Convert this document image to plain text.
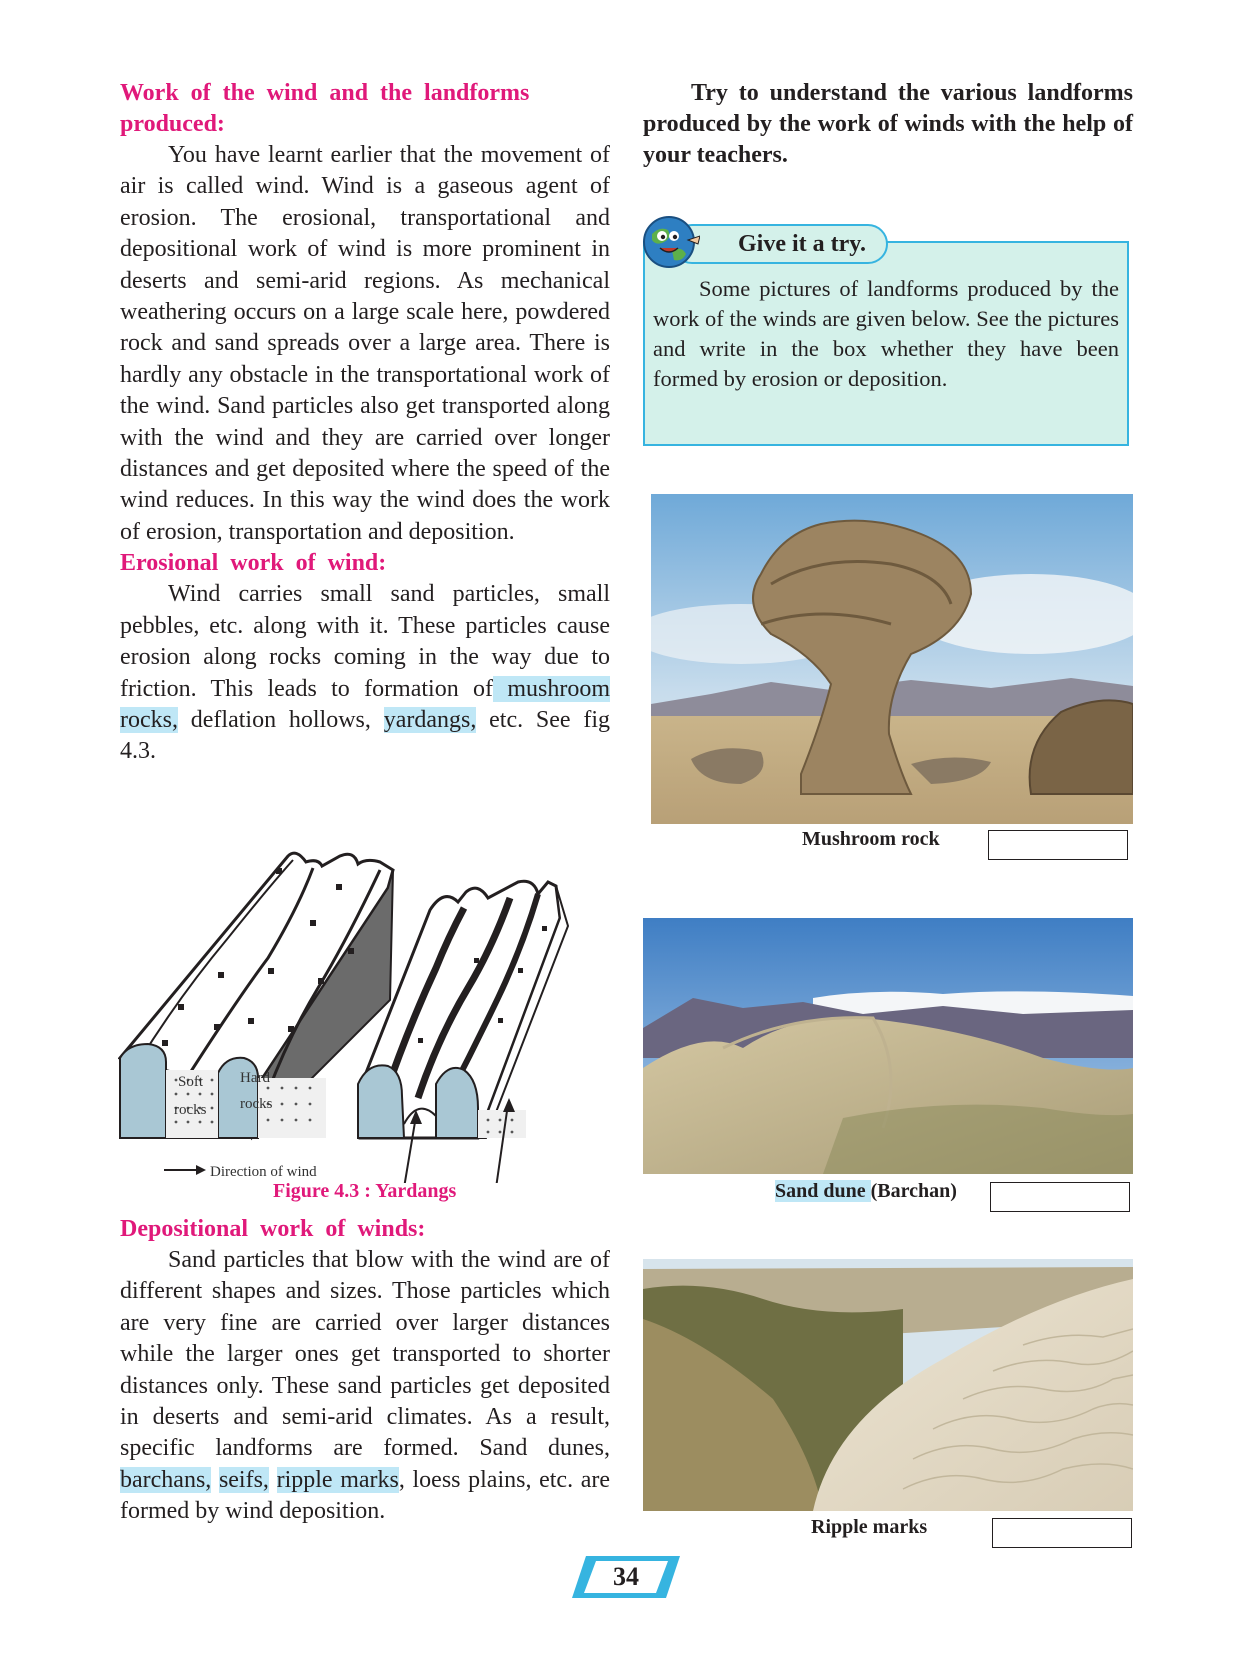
Work of the wind and the landforms produced:

You have learnt earlier that the movement of air is called wind. Wind is a gaseous agent of erosion. The erosional, transportational and depositional work of wind is more prominent in deserts and semi-arid regions. As mechanical weathering occurs on a large scale here, powdered rock and sand spreads over a large area. There is hardly any obstacle in the transportational work of the wind. Sand particles also get transported along with the wind and they are carried over longer distances and get deposited where the speed of the wind reduces. In this way the wind does the work of erosion, transportation and deposition.

Erosional work of wind:

Wind carries small sand particles, small pebbles, etc. along with it. These particles cause erosion along rocks coming in the way due to friction. This leads to formation of mushroom rocks, deflation hollows, yardangs, etc. See fig 4.3.

Soft
rocks
Hard
rocks
Direction of wind
Figure 4.3 : Yardangs

Depositional work of winds:

Sand particles that blow with the wind are of different shapes and sizes. Those particles which are very fine are carried over larger distances while the larger ones get transported to shorter distances only. These sand particles get deposited in deserts and semi-arid climates. As a result, specific landforms are formed. Sand dunes, barchans, seifs, ripple marks, loess plains, etc. are formed by wind deposition.

Try to understand the various landforms produced by the work of winds with the help of your teachers.

Give it a try.

Some pictures of landforms produced by the work of the winds are given below. See the pictures and write in the box whether they have been formed by erosion or deposition.

Mushroom rock
Sand dune (Barchan)
Ripple marks
34
